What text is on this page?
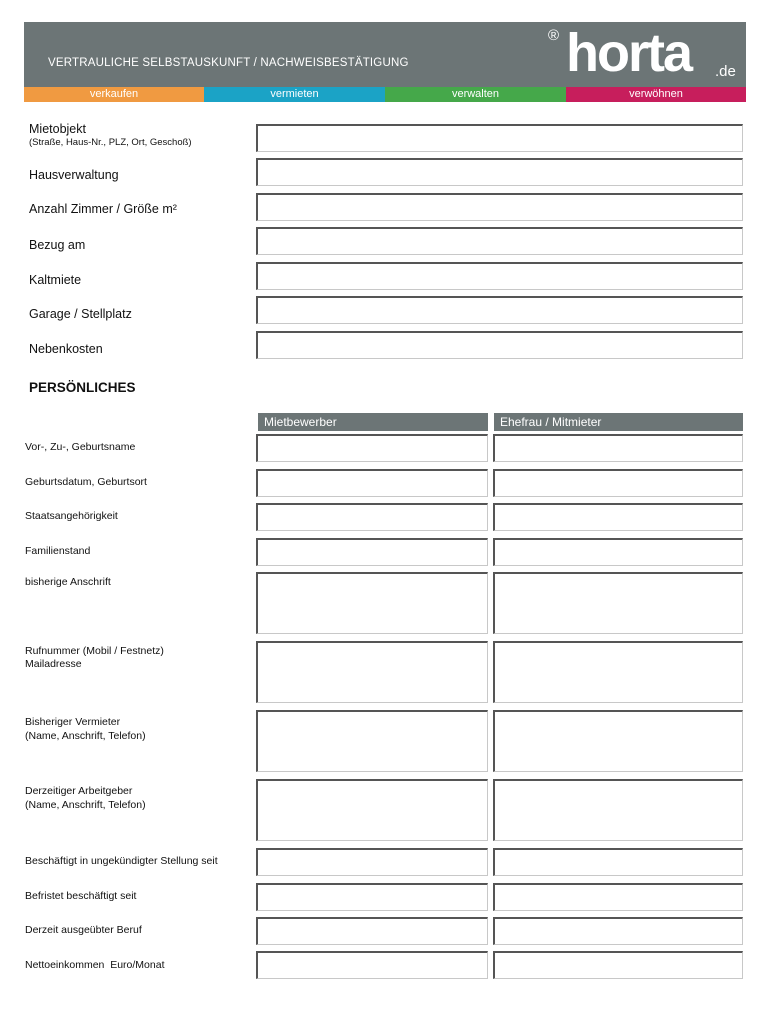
VERTRAULICHE SELBSTAUSKUNFT / NACHWEISBESTÄTIGUNG
® horta .de
verkaufen	vermieten	verwalten	verwöhnen
Mietobjekt
(Straße, Haus-Nr., PLZ, Ort, Geschoß)
Hausverwaltung
Anzahl Zimmer / Größe m²
Bezug am
Kaltmiete
Garage / Stellplatz
Nebenkosten
PERSÖNLICHES
Mietbewerber	Ehefrau / Mitmieter
Vor-, Zu-, Geburtsname
Geburtsdatum, Geburtsort
Staatsangehörigkeit
Familienstand
bisherige Anschrift
Rufnummer (Mobil / Festnetz)
Mailadresse
Bisheriger Vermieter
(Name, Anschrift, Telefon)
Derzeitiger Arbeitgeber
(Name, Anschrift, Telefon)
Beschäftigt in ungekündigter Stellung seit
Befristet beschäftigt seit
Derzeit ausgeübter Beruf
Nettoeinkommen  Euro/Monat
